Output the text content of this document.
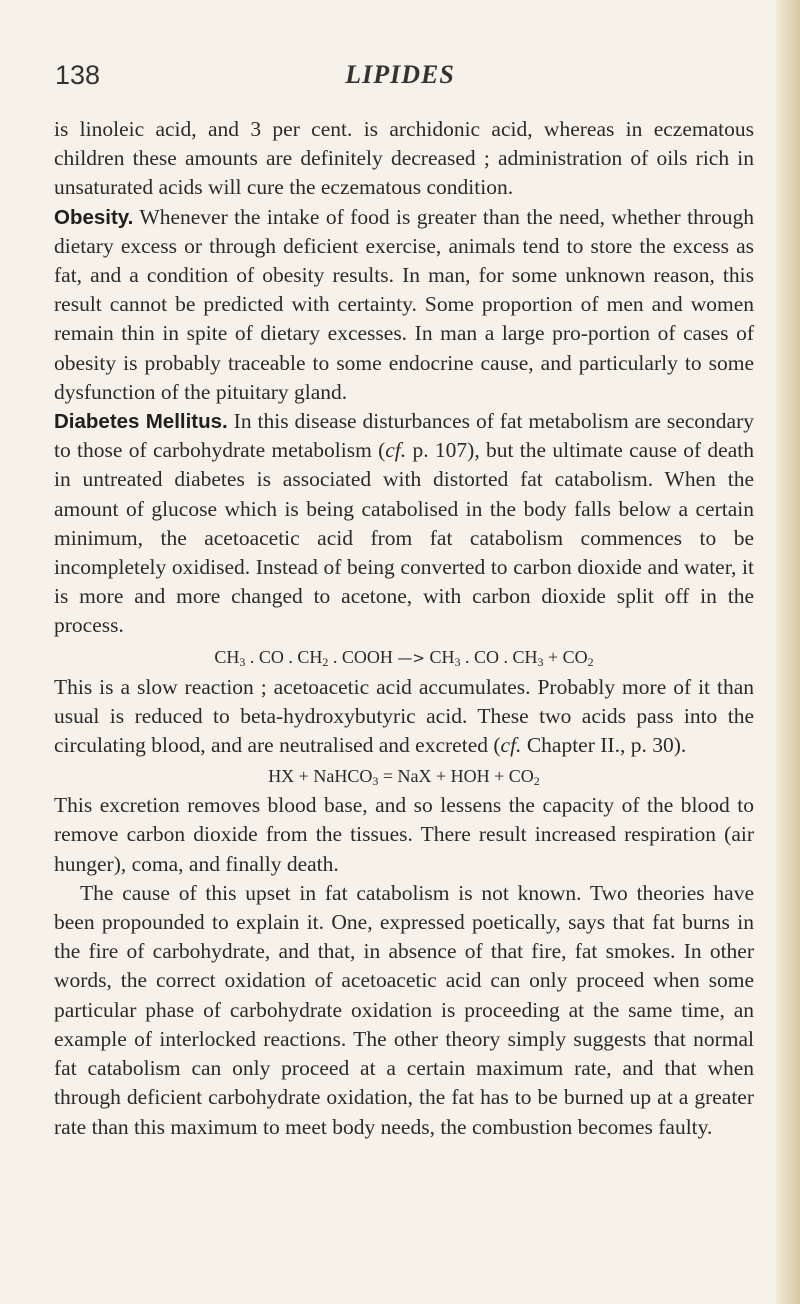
138	LIPIDES

is linoleic acid, and 3 per cent. is archidonic acid, whereas in eczematous children these amounts are definitely decreased ; administration of oils rich in unsaturated acids will cure the eczematous condition.

Obesity. Whenever the intake of food is greater than the need, whether through dietary excess or through deficient exercise, animals tend to store the excess as fat, and a condition of obesity results. In man, for some unknown reason, this result cannot be predicted with certainty. Some proportion of men and women remain thin in spite of dietary excesses. In man a large pro-portion of cases of obesity is probably traceable to some endocrine cause, and particularly to some dysfunction of the pituitary gland.

Diabetes Mellitus. In this disease disturbances of fat metabolism are secondary to those of carbohydrate metabolism (cf. p. 107), but the ultimate cause of death in untreated diabetes is associated with distorted fat catabolism. When the amount of glucose which is being catabolised in the body falls below a certain minimum, the acetoacetic acid from fat catabolism commences to be incompletely oxidised. Instead of being converted to carbon dioxide and water, it is more and more changed to acetone, with carbon dioxide split off in the process.

$CH_3$ . CO . $CH_2$ . COOH —> $CH_3$ . CO . $CH_3 + CO_2$

This is a slow reaction ; acetoacetic acid accumulates. Probably more of it than usual is reduced to beta-hydroxybutyric acid. These two acids pass into the circulating blood, and are neutralised and excreted (cf. Chapter II., p. 30).

HX + NaHCO$_3$ = NaX + HOH + $CO_2$

This excretion removes blood base, and so lessens the capacity of the blood to remove carbon dioxide from the tissues. There result increased respiration (air hunger), coma, and finally death.

The cause of this upset in fat catabolism is not known. Two theories have been propounded to explain it. One, expressed poetically, says that fat burns in the fire of carbohydrate, and that, in absence of that fire, fat smokes. In other words, the correct oxidation of acetoacetic acid can only proceed when some particular phase of carbohydrate oxidation is proceeding at the same time, an example of interlocked reactions. The other theory simply suggests that normal fat catabolism can only proceed at a certain maximum rate, and that when through deficient carbohydrate oxidation, the fat has to be burned up at a greater rate than this maximum to meet body needs, the combustion becomes faulty.
